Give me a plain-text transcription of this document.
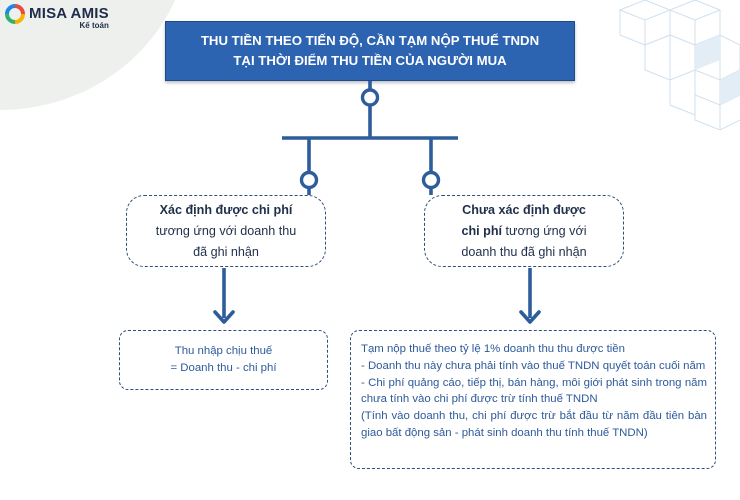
MISA AMIS
Kế toán
THU TIỀN THEO TIẾN ĐỘ, CẦN TẠM NỘP THUẾ TNDN
TẠI THỜI ĐIỂM THU TIỀN CỦA NGƯỜI MUA
Xác định được chi phí
tương ứng với doanh thu
đã ghi nhận
Chưa xác định được
chi phí tương ứng với
doanh thu đã ghi nhận
Thu nhập chịu thuế
= Doanh thu - chi phí
Tạm nộp thuế theo tỷ lệ 1% doanh thu thu được tiền
- Doanh thu này chưa phải tính vào thuế TNDN quyết toán cuối năm
- Chi phí quảng cáo, tiếp thị, bán hàng, môi giới phát sinh trong năm chưa tính vào chi phí được trừ tính thuế TNDN
(Tính vào doanh thu, chi phí được trừ bắt đầu từ năm đầu tiên bàn giao bất động sản - phát sinh doanh thu tính thuế TNDN)
